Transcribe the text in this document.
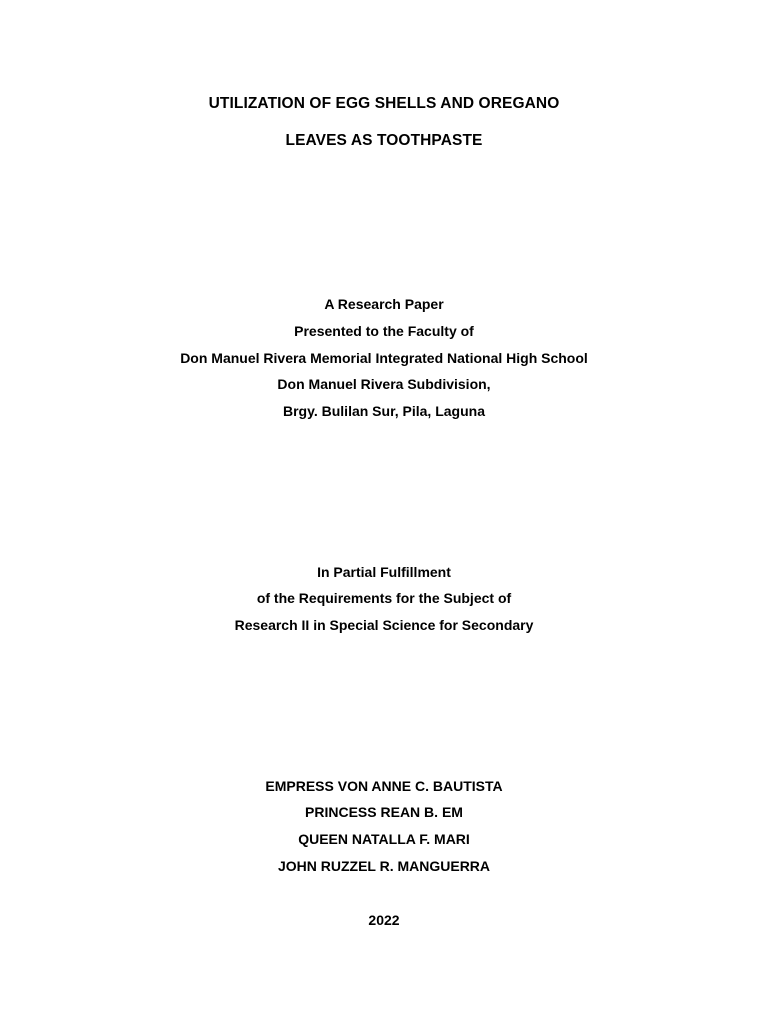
UTILIZATION OF EGG SHELLS AND OREGANO
LEAVES AS TOOTHPASTE
A Research Paper
Presented to the Faculty of
Don Manuel Rivera Memorial Integrated National High School
Don Manuel Rivera Subdivision,
Brgy. Bulilan Sur, Pila, Laguna
In Partial Fulfillment
of the Requirements for the Subject of
Research II in Special Science for Secondary
EMPRESS VON ANNE C. BAUTISTA
PRINCESS REAN B. EM
QUEEN NATALLA F. MARI
JOHN RUZZEL R. MANGUERRA
2022
